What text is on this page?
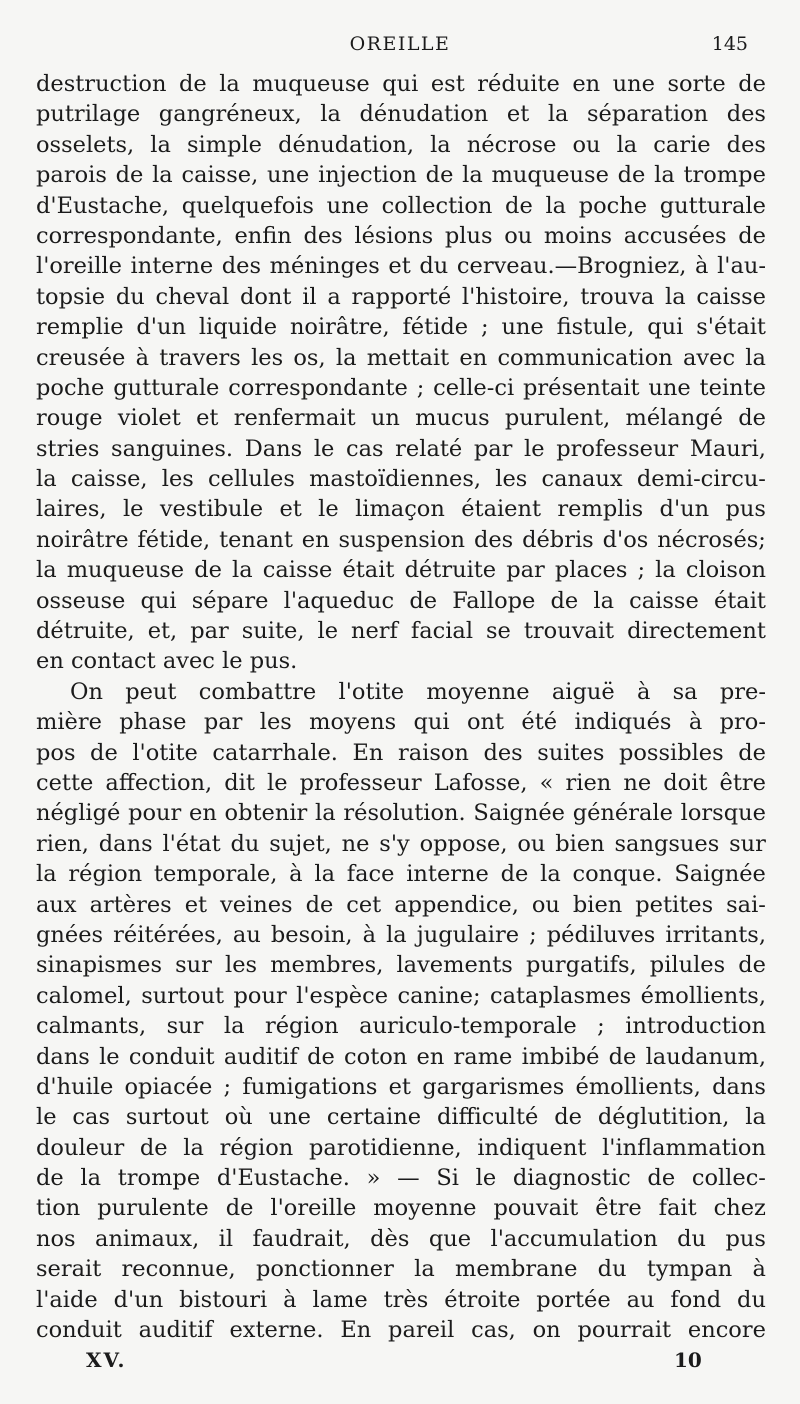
OREILLE	145
destruction de la muqueuse qui est réduite en une sorte de
putrilage gangréneux, la dénudation et la séparation des
osselets, la simple dénudation, la nécrose ou la carie des
parois de la caisse, une injection de la muqueuse de la trompe
d'Eustache, quelquefois une collection de la poche gutturale
correspondante, enfin des lésions plus ou moins accusées de
l'oreille interne des méninges et du cerveau.—Brogniez, à l'au-
topsie du cheval dont il a rapporté l'histoire, trouva la caisse
remplie d'un liquide noirâtre, fétide ; une fistule, qui s'était
creusée à travers les os, la mettait en communication avec la
poche gutturale correspondante ; celle-ci présentait une teinte
rouge violet et renfermait un mucus purulent, mélangé de
stries sanguines. Dans le cas relaté par le professeur Mauri,
la caisse, les cellules mastoïdiennes, les canaux demi-circu-
laires, le vestibule et le limaçon étaient remplis d'un pus
noirâtre fétide, tenant en suspension des débris d'os nécrosés;
la muqueuse de la caisse était détruite par places ; la cloison
osseuse qui sépare l'aqueduc de Fallope de la caisse était
détruite, et, par suite, le nerf facial se trouvait directement
en contact avec le pus.
On peut combattre l'otite moyenne aiguë à sa pre-
mière phase par les moyens qui ont été indiqués à pro-
pos de l'otite catarrhale. En raison des suites possibles de
cette affection, dit le professeur Lafosse, « rien ne doit être
négligé pour en obtenir la résolution. Saignée générale lorsque
rien, dans l'état du sujet, ne s'y oppose, ou bien sangsues sur
la région temporale, à la face interne de la conque. Saignée
aux artères et veines de cet appendice, ou bien petites sai-
gnées réitérées, au besoin, à la jugulaire ; pédiluves irritants,
sinapismes sur les membres, lavements purgatifs, pilules de
calomel, surtout pour l'espèce canine; cataplasmes émollients,
calmants, sur la région auriculo-temporale ; introduction
dans le conduit auditif de coton en rame imbibé de laudanum,
d'huile opiacée ; fumigations et gargarismes émollients, dans
le cas surtout où une certaine difficulté de déglutition, la
douleur de la région parotidienne, indiquent l'inflammation
de la trompe d'Eustache. » — Si le diagnostic de collec-
tion purulente de l'oreille moyenne pouvait être fait chez
nos animaux, il faudrait, dès que l'accumulation du pus
serait reconnue, ponctionner la membrane du tympan à
l'aide d'un bistouri à lame très étroite portée au fond du
conduit auditif externe. En pareil cas, on pourrait encore
XV.	10
